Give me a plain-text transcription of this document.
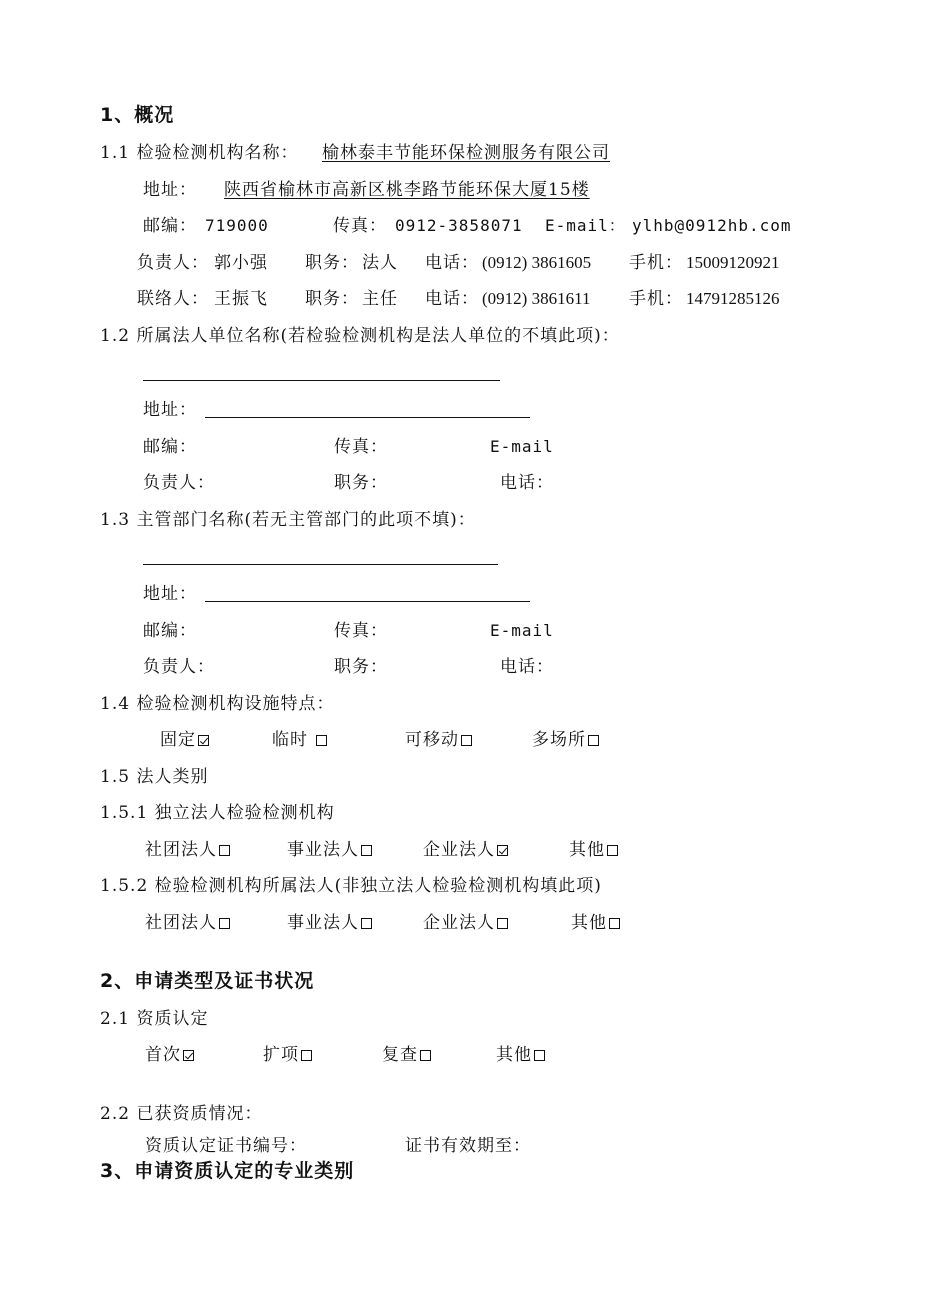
1、概况
1.1 检验检测机构名称： 榆林泰丰节能环保检测服务有限公司
地址： 陕西省榆林市高新区桃李路节能环保大厦15楼
邮编： 719000	传真： 0912-3858071 E-mail： ylhb@0912hb.com
负责人： 郭小强 职务： 法人 电话： (0912) 3861605 手机： 15009120921
联络人： 王振飞 职务： 主任 电话： (0912) 3861611 手机： 14791285126
1.2 所属法人单位名称(若检验检测机构是法人单位的不填此项)：
地址：
邮编：	传真：	E-mail
负责人：	职务：	电话：
1.3 主管部门名称(若无主管部门的此项不填)：
地址：
邮编：	传真：	E-mail
负责人：	职务：	电话：
1.4 检验检测机构设施特点：
固定	临时	可移动	多场所
1.5 法人类别
1.5.1 独立法人检验检测机构
社团法人	事业法人	企业法人	其他
1.5.2 检验检测机构所属法人(非独立法人检验检测机构填此项)
社团法人	事业法人	企业法人	其他
2、申请类型及证书状况
2.1 资质认定
首次	扩项	复查	其他
2.2 已获资质情况：
资质认定证书编号：	证书有效期至：
3、申请资质认定的专业类别
